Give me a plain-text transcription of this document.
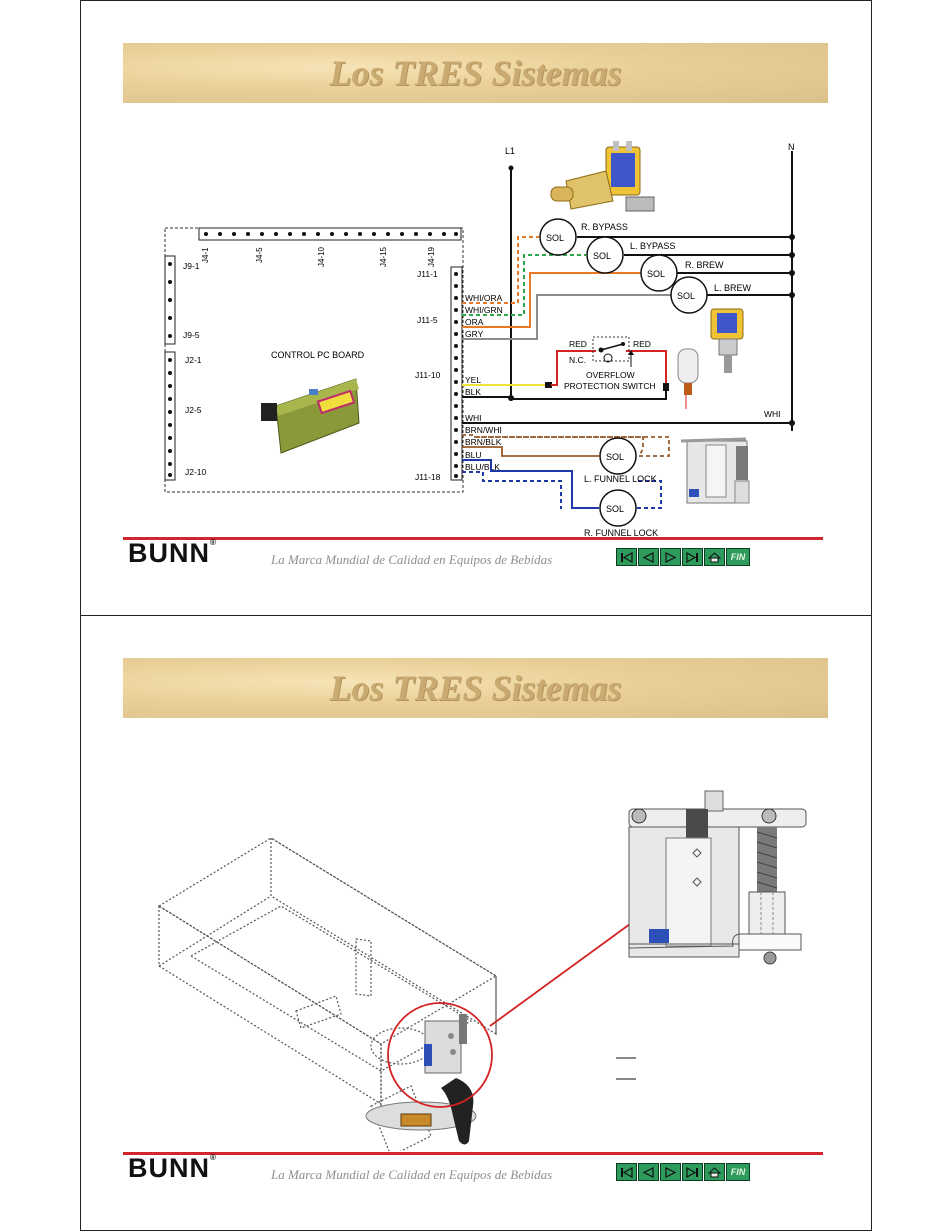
Los TRES Sistemas
CONTROL PC BOARD
J4-1	J4-5	J4-10	J4-15	J4-19
J9-1
J9-5
J2-1
J2-5
J2-10
J11-1
J11-5
J11-10
J11-18
L1	N
WHI/ORA
WHI/GRN
ORA
GRY
YEL
BLK
WHI
BRN/WHI
BRN/BLK
BLU
BLU/BLK
RED	RED
N.C.
OVERFLOW
PROTECTION SWITCH
WHI
SOL
R. BYPASS
SOL
L. BYPASS
SOL
R. BREW
SOL
L. BREW
SOL
L. FUNNEL LOCK
SOL
R. FUNNEL LOCK
BUNN®
La Marca Mundial de Calidad en Equipos de Bebidas	FIN
Los TRES Sistemas
BUNN®
La Marca Mundial de Calidad en Equipos de Bebidas	FIN
